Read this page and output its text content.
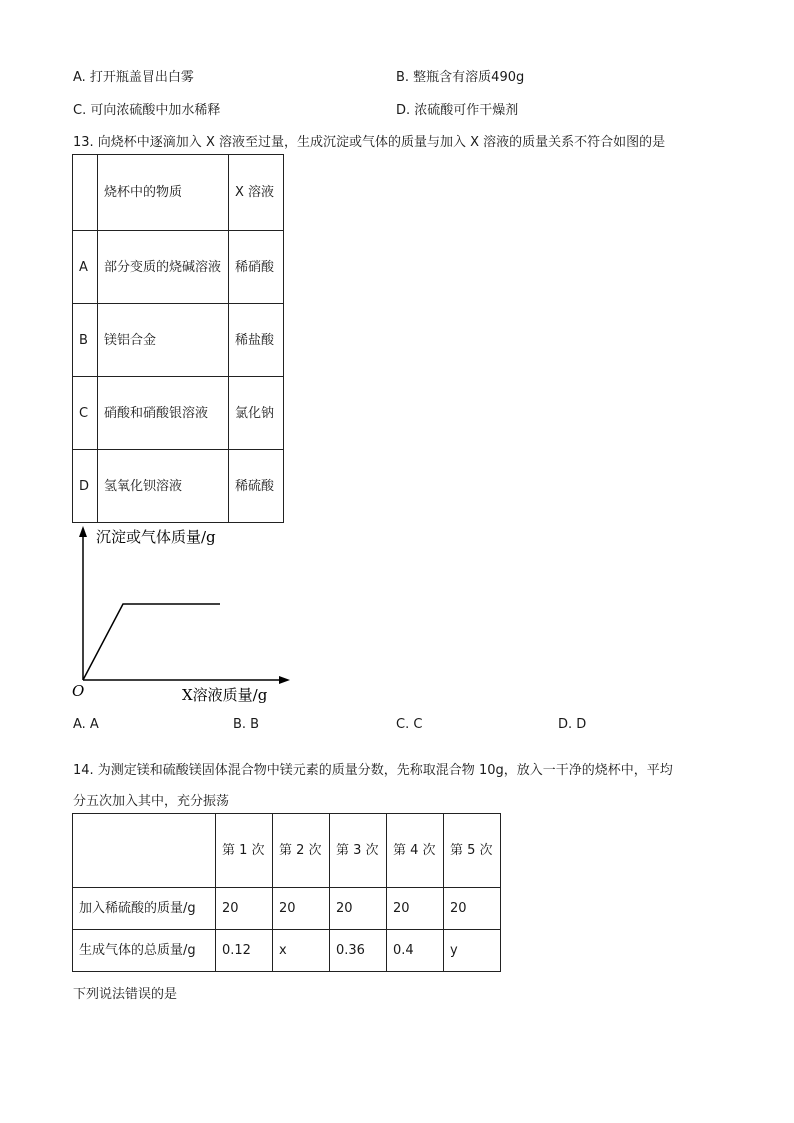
A. 打开瓶盖冒出白雾	B. 整瓶含有溶质490g
C. 可向浓硫酸中加水稀释	D. 浓硫酸可作干燥剂
13. 向烧杯中逐滴加入 X 溶液至过量，生成沉淀或气体的质量与加入 X 溶液的质量关系不符合如图的是
	烧杯中的物质	X 溶液

A	部分变质的烧碱溶液	稀硝酸

B	镁铝合金	稀盐酸

C	硝酸和硝酸银溶液	氯化钠

D	氢氧化钡溶液	稀硫酸
沉淀或气体质量/g
X溶液质量/g
O
A. A	B. B	C. C	D. D
14. 为测定镁和硫酸镁固体混合物中镁元素的质量分数，先称取混合物 10g，放入一干净的烧杯中，平均
分五次加入其中，充分振荡

	第 1 次	第 2 次	第 3 次	第 4 次	第 5 次

加入稀硫酸的质量/g	20	20	20	20	20
生成气体的总质量/g	0.12	x	0.36	0.4	y
下列说法错误的是
